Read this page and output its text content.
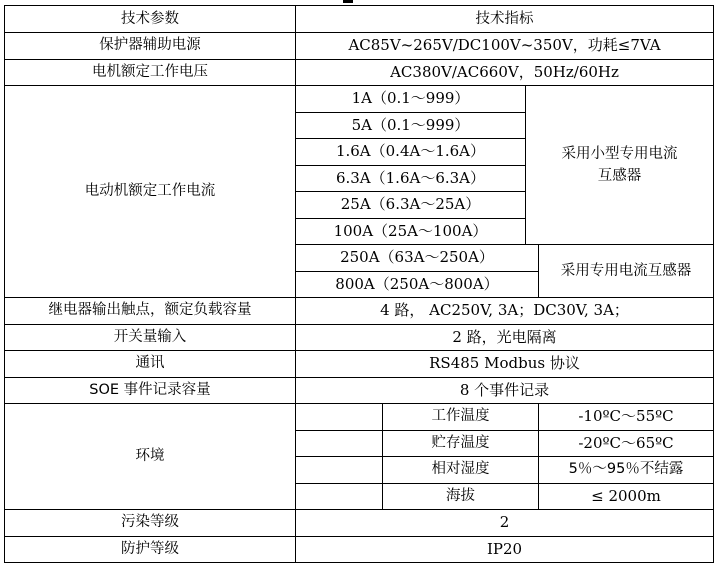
技术参数	技术指标			
保护器辅助电源	AC85V~265V/DC100V~350V，功耗≤7VA			
电机额定工作电压	AC380V/AC660V，50Hz/60Hz			
电动机额定工作电流	1A（0.1～999）		采用小型专用电流互感器	
	5A（0.1～999）			
	1.6A（0.4A～1.6A）			
	6.3A（1.6A～6.3A）			
	25A（6.3A～25A）			
	100A（25A～100A）			
	250A（63A～250A）			采用专用电流互感器
	800A（250A～800A）			
继电器输出触点，额定负载容量	4 路， AC250V, 3A；DC30V, 3A；			
开关量输入	2 路，光电隔离			
通讯	RS485 Modbus 协议			
SOE 事件记录容量	8 个事件记录			
环境		工作温度		-10ºC～55ºC
		贮存温度		-20ºC～65ºC
		相对湿度		5％～95％不结露
		海拔		≤ 2000m
污染等级	2			
防护等级	IP20			
